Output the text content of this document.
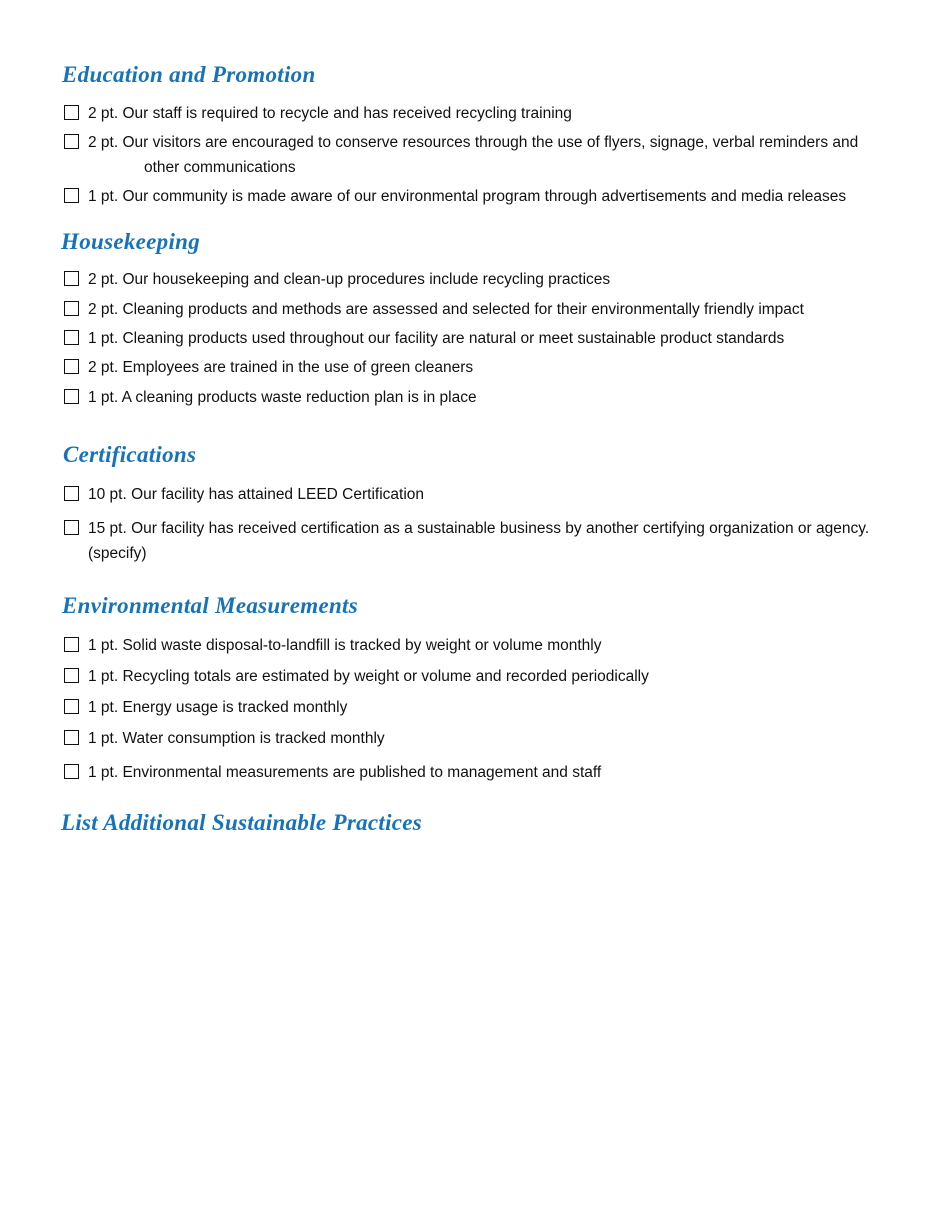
Education and Promotion
2 pt. Our staff is required to recycle and has received recycling training
2 pt. Our visitors are encouraged to conserve resources through the use of flyers, signage, verbal reminders and
other communications
1 pt. Our community is made aware of our environmental program through advertisements and media releases
Housekeeping
2 pt. Our housekeeping and clean-up procedures include recycling practices
2 pt. Cleaning products and methods are assessed and selected for their environmentally friendly impact
1 pt. Cleaning products used throughout our facility are natural or meet sustainable product standards
2 pt. Employees are trained in the use of green cleaners
1 pt. A cleaning products waste reduction plan is in place
Certifications
10 pt. Our facility has attained LEED Certification
15 pt. Our facility has received certification as a sustainable business by another certifying organization or agency.
(specify)
Environmental Measurements
1 pt. Solid waste disposal-to-landfill is tracked by weight or volume monthly
1 pt. Recycling totals are estimated by weight or volume and recorded periodically
1 pt. Energy usage is tracked monthly
1 pt. Water consumption is tracked monthly
1 pt. Environmental measurements are published to management and staff
List Additional Sustainable Practices
